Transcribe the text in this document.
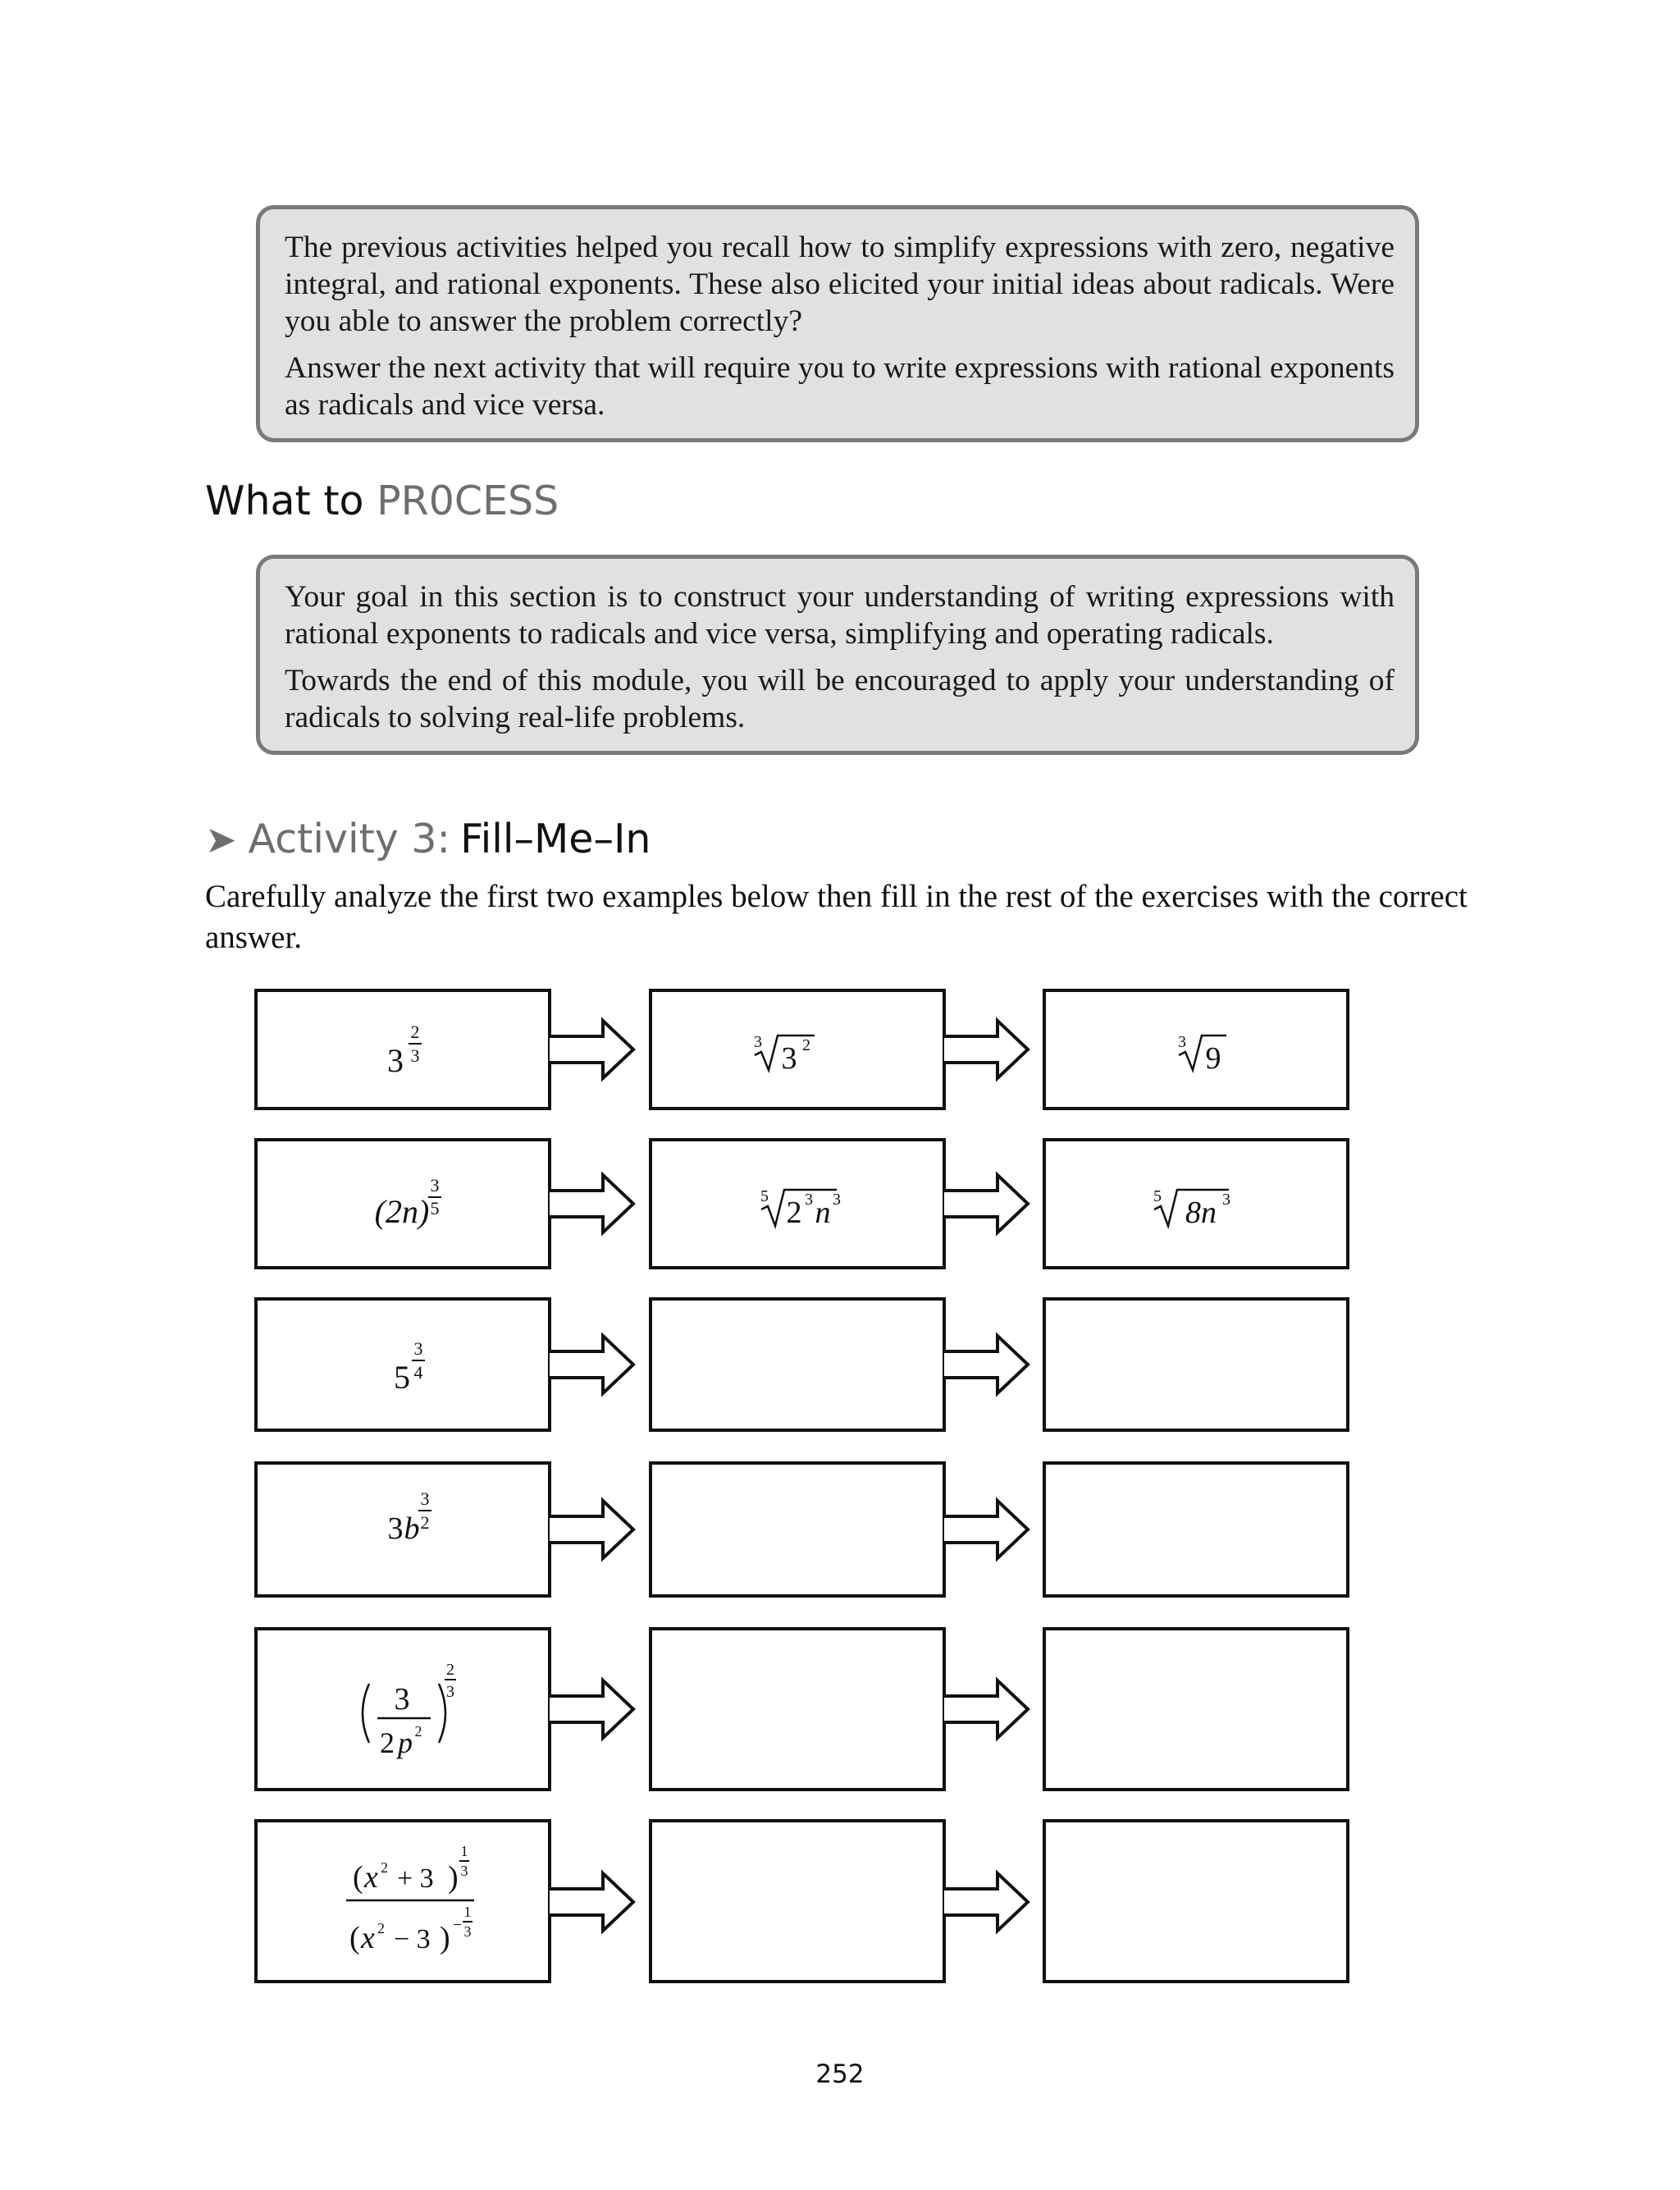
The previous activities helped you recall how to simplify expressions with zero, negative integral, and rational exponents. These also elicited your initial ideas about radicals. Were you able to answer the problem correctly?

Answer the next activity that will require you to write expressions with rational exponents as radicals and vice versa.

What to PR0CESS

Your goal in this section is to construct your understanding of writing expressions with rational exponents to radicals and vice versa, simplifying and operating radicals.

Towards the end of this module, you will be encouraged to apply your understanding of radicals to solving real-life problems.

➤ Activity 3: Fill–Me–In

Carefully analyze the first two examples below then fill in the rest of the exercises with the correct answer.

3
2
3
3 3 2	3 9
(2n)
3
5
5 2 3 n 3	5 8n 3
5
3
4
3 b
3
2
3
2 p 2
2
3
( x 2 + 3 )
1
3
( x 2 − 3 ) −
1
3
252
